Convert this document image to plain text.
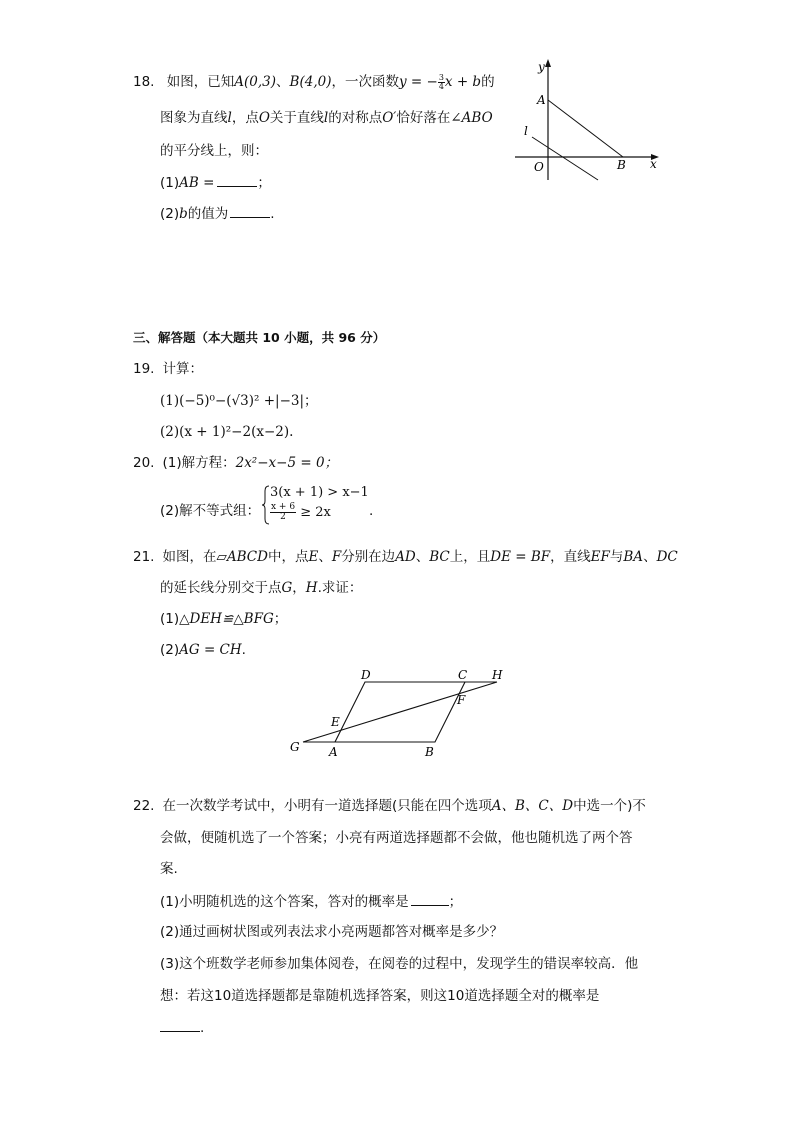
18. 如图，已知A(0,3)、B(4,0)，一次函数y = − $\frac{3}{4}$ x + b的
图象为直线l，点O关于直线l的对称点O′恰好落在∠ABO
的平分线上，则：
(1)AB =	；
(2)b的值为	.
y
x
A
B
O
l
三、解答题（本大题共 10 小题，共 96 分）
19. 计算：
(1)(−5)⁰−(√3)² +|−3|；
(2)(x + 1)²−2(x−2).
20. (1)解方程：2x²−x−5 = 0；
(2)解不等式组：
3(x + 1) > x−1
$\frac{x + 6}{2} \ge 2x$	.
21. 如图，在▱ABCD中，点E、F分别在边AD、BC上，且DE = BF，直线EF与BA、DC
的延长线分别交于点G，H.求证：
(1)△DEH≌△BFG；
(2)AG = CH.
D	C H
E
F
G A	B
22. 在一次数学考试中，小明有一道选择题(只能在四个选项A、B、C、D中选一个)不
会做，便随机选了一个答案；小亮有两道选择题都不会做，他也随机选了两个答
案.
(1)小明随机选的这个答案，答对的概率是	；
(2)通过画树状图或列表法求小亮两题都答对概率是多少？
(3)这个班数学老师参加集体阅卷，在阅卷的过程中，发现学生的错误率较高．他
想：若这10道选择题都是靠随机选择答案，则这10道选择题全对的概率是
.
